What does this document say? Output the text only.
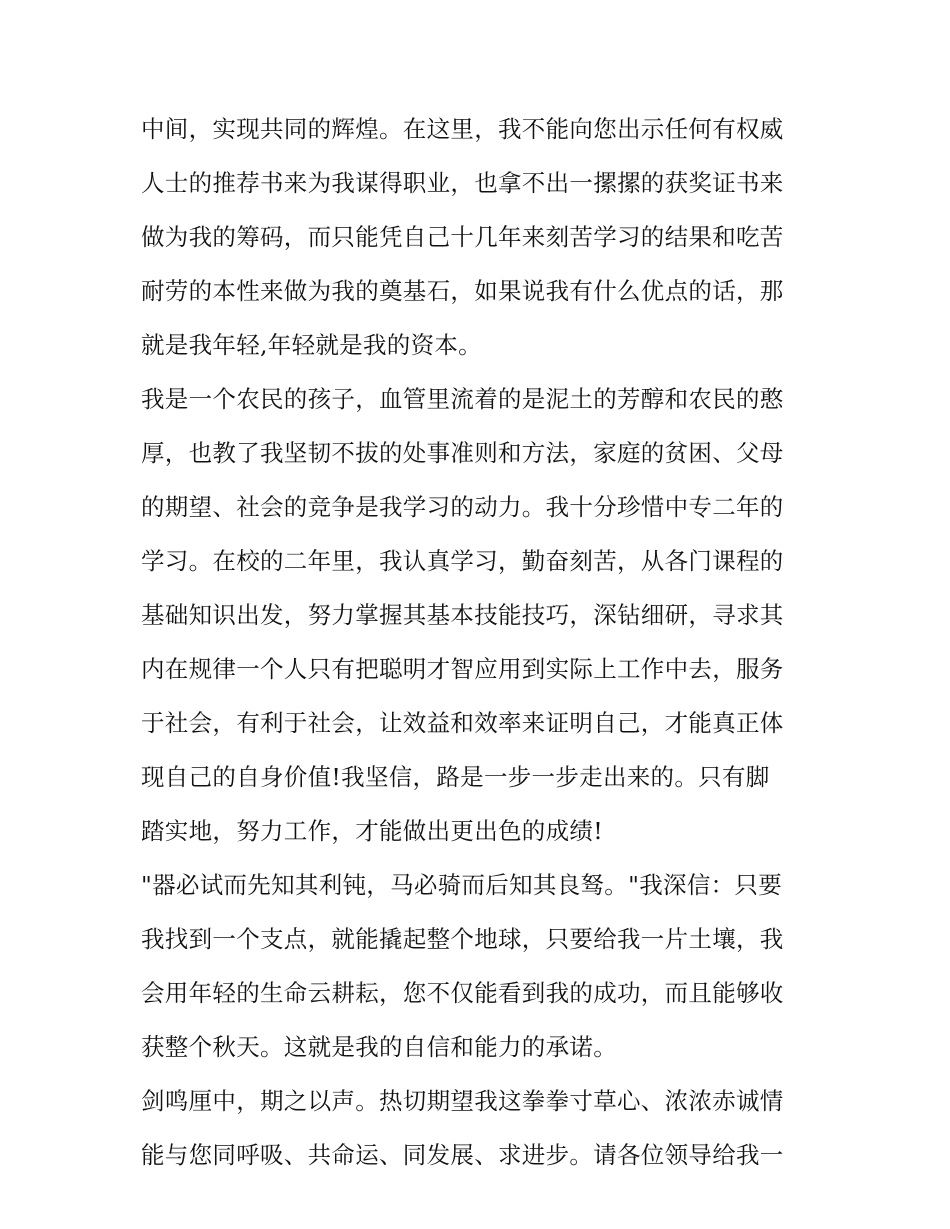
中间，实现共同的辉煌。在这里，我不能向您出示任何有权威
人士的推荐书来为我谋得职业，也拿不出一摞摞的获奖证书来
做为我的筹码，而只能凭自己十几年来刻苦学习的结果和吃苦
耐劳的本性来做为我的奠基石，如果说我有什么优点的话，那
就是我年轻,年轻就是我的资本。
我是一个农民的孩子，血管里流着的是泥土的芳醇和农民的憨
厚，也教了我坚韧不拔的处事准则和方法，家庭的贫困、父母
的期望、社会的竞争是我学习的动力。我十分珍惜中专二年的
学习。在校的二年里，我认真学习，勤奋刻苦，从各门课程的
基础知识出发，努力掌握其基本技能技巧，深钻细研，寻求其
内在规律一个人只有把聪明才智应用到实际上工作中去，服务
于社会，有利于社会，让效益和效率来证明自己，才能真正体
现自己的自身价值!我坚信，路是一步一步走出来的。只有脚
踏实地，努力工作，才能做出更出色的成绩!
"器必试而先知其利钝，马必骑而后知其良驽。"我深信：只要
我找到一个支点，就能撬起整个地球，只要给我一片土壤，我
会用年轻的生命云耕耘，您不仅能看到我的成功，而且能够收
获整个秋天。这就是我的自信和能力的承诺。
剑鸣厘中，期之以声。热切期望我这拳拳寸草心、浓浓赤诚情
能与您同呼吸、共命运、同发展、求进步。请各位领导给我一
